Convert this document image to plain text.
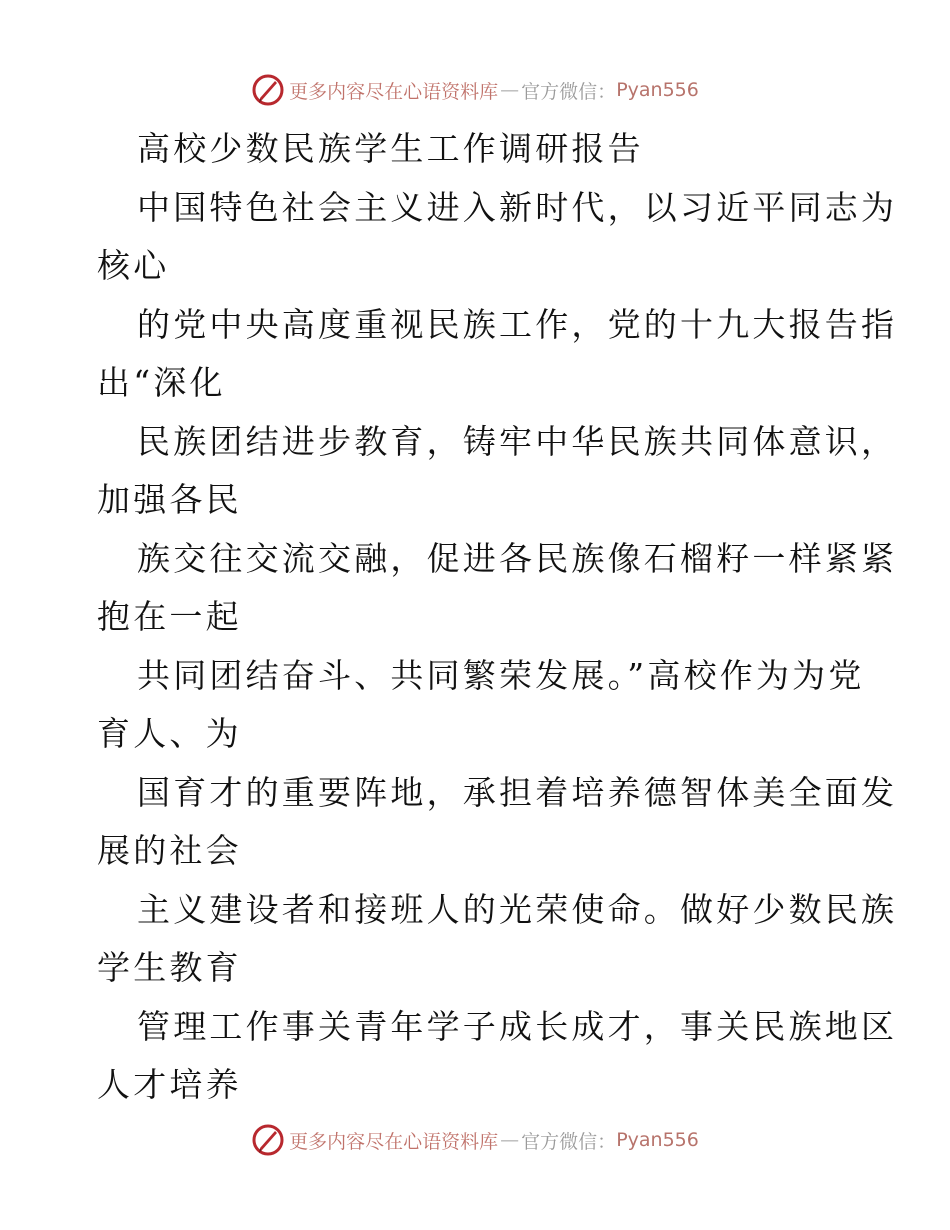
更多内容尽在心语资料库 — 官方微信： Pyan556
高校少数民族学生工作调研报告
中国特色社会主义进入新时代，以习近平同志为
核心
的党中央高度重视民族工作，党的十九大报告指
出“深化
民族团结进步教育，铸牢中华民族共同体意识，
加强各民
族交往交流交融，促进各民族像石榴籽一样紧紧
抱在一起
共同团结奋斗、共同繁荣发展。”高校作为为党
育人、为
国育才的重要阵地，承担着培养德智体美全面发
展的社会
主义建设者和接班人的光荣使命。做好少数民族
学生教育
管理工作事关青年学子成长成才，事关民族地区
人才培养
更多内容尽在心语资料库 — 官方微信： Pyan556
